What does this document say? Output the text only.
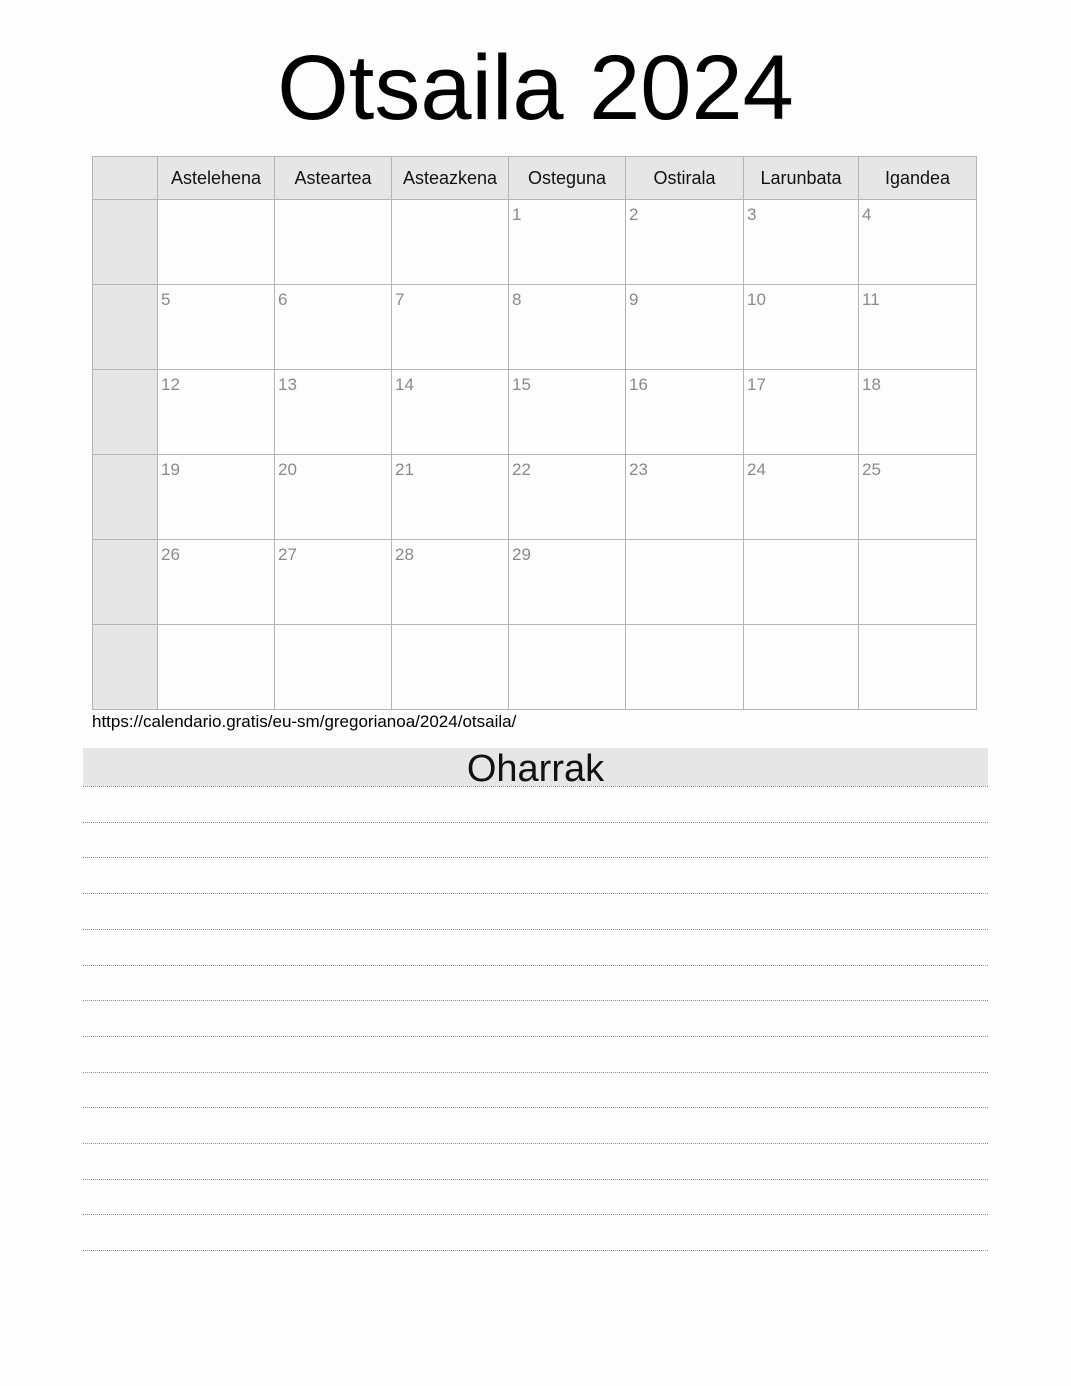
Otsaila 2024
	Astelehena	Asteartea	Asteazkena	Osteguna	Ostirala	Larunbata	Igandea

				1	2	3	4

	5	6	7	8	9	10	11

	12	13	14	15	16	17	18

	19	20	21	22	23	24	25

	26	27	28	29			

https://calendario.gratis/eu-sm/gregorianoa/2024/otsaila/
Oharrak
